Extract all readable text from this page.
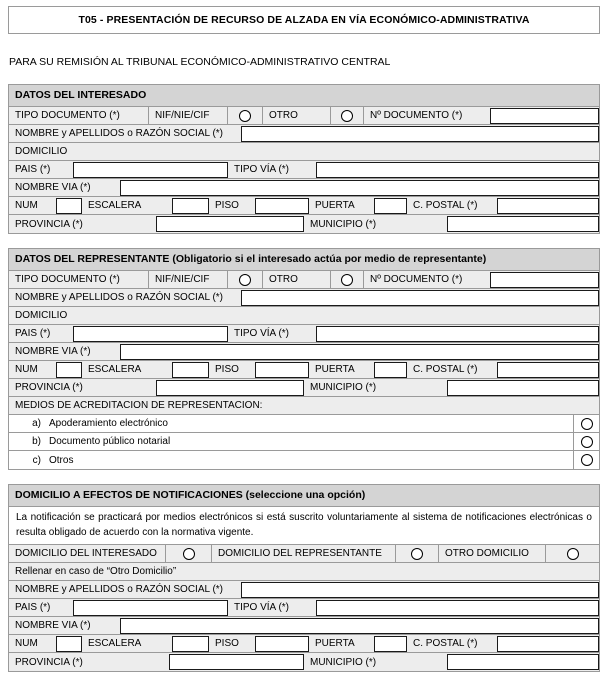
T05 - PRESENTACIÓN DE RECURSO DE ALZADA EN VÍA ECONÓMICO-ADMINISTRATIVA
PARA SU REMISIÓN AL TRIBUNAL ECONÓMICO-ADMINISTRATIVO CENTRAL
DATOS DEL INTERESADO
TIPO DOCUMENTO (*)	NIF/NIE/CIF	OTRO	Nº DOCUMENTO (*)
NOMBRE y APELLIDOS o RAZÓN SOCIAL (*)
DOMICILIO
PAIS (*)	TIPO VÍA (*)
NOMBRE VIA (*)
NUM	ESCALERA	PISO	PUERTA	C. POSTAL (*)
PROVINCIA (*)	MUNICIPIO (*)
DATOS DEL REPRESENTANTE (Obligatorio si el interesado actúa por medio de representante)
TIPO DOCUMENTO (*)	NIF/NIE/CIF	OTRO	Nº DOCUMENTO (*)
NOMBRE y APELLIDOS o RAZÓN SOCIAL (*)
DOMICILIO
PAIS (*)	TIPO VÍA (*)
NOMBRE VIA (*)
NUM	ESCALERA	PISO	PUERTA	C. POSTAL (*)
PROVINCIA (*)	MUNICIPIO (*)
MEDIOS DE ACREDITACION DE REPRESENTACION:
a) Apoderamiento electrónico
b) Documento público notarial
c) Otros
DOMICILIO A EFECTOS DE NOTIFICACIONES (seleccione una opción)
La notificación se practicará por medios electrónicos si está suscrito voluntariamente al sistema de notificaciones electrónicas o resulta obligado de acuerdo con la normativa vigente.
DOMICILIO DEL INTERESADO	DOMICILIO DEL REPRESENTANTE	OTRO DOMICILIO
Rellenar en caso de “Otro Domicilio”
NOMBRE y APELLIDOS o RAZÓN SOCIAL (*)
PAIS (*)	TIPO VÍA (*)
NOMBRE VIA (*)
NUM	ESCALERA	PISO	PUERTA	C. POSTAL (*)
PROVINCIA (*)	MUNICIPIO (*)
